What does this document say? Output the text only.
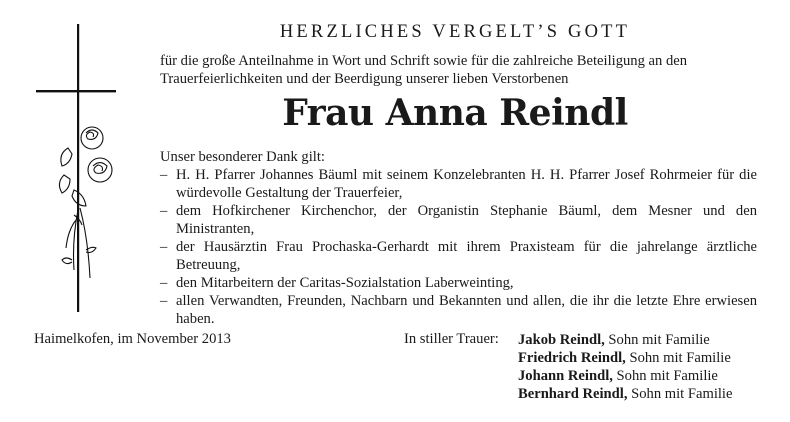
HERZLICHES VERGELT’S GOTT
für die große Anteilnahme in Wort und Schrift sowie für die zahlreiche Beteiligung an den
Trauerfeierlichkeiten und der Beerdigung unserer lieben Verstorbenen
Frau Anna Reindl
Unser besonderer Dank gilt:
– H. H. Pfarrer Johannes Bäuml mit seinem Konzelebranten H. H. Pfarrer Josef Rohrmeier für die würdevolle Gestaltung der Trauerfeier,
– dem Hofkirchener Kirchenchor, der Organistin Stephanie Bäuml, dem Mesner und den Ministranten,
– der Hausärztin Frau Prochaska-Gerhardt mit ihrem Praxisteam für die jahrelange ärztliche Betreuung,
– den Mitarbeitern der Caritas-Sozialstation Laberweinting,
– allen Verwandten, Freunden, Nachbarn und Bekannten und allen, die ihr die letzte Ehre erwiesen haben.
Haimelkofen, im November 2013	In stiller Trauer: Jakob Reindl, Sohn mit Familie
Friedrich Reindl, Sohn mit Familie
Johann Reindl, Sohn mit Familie
Bernhard Reindl, Sohn mit Familie
